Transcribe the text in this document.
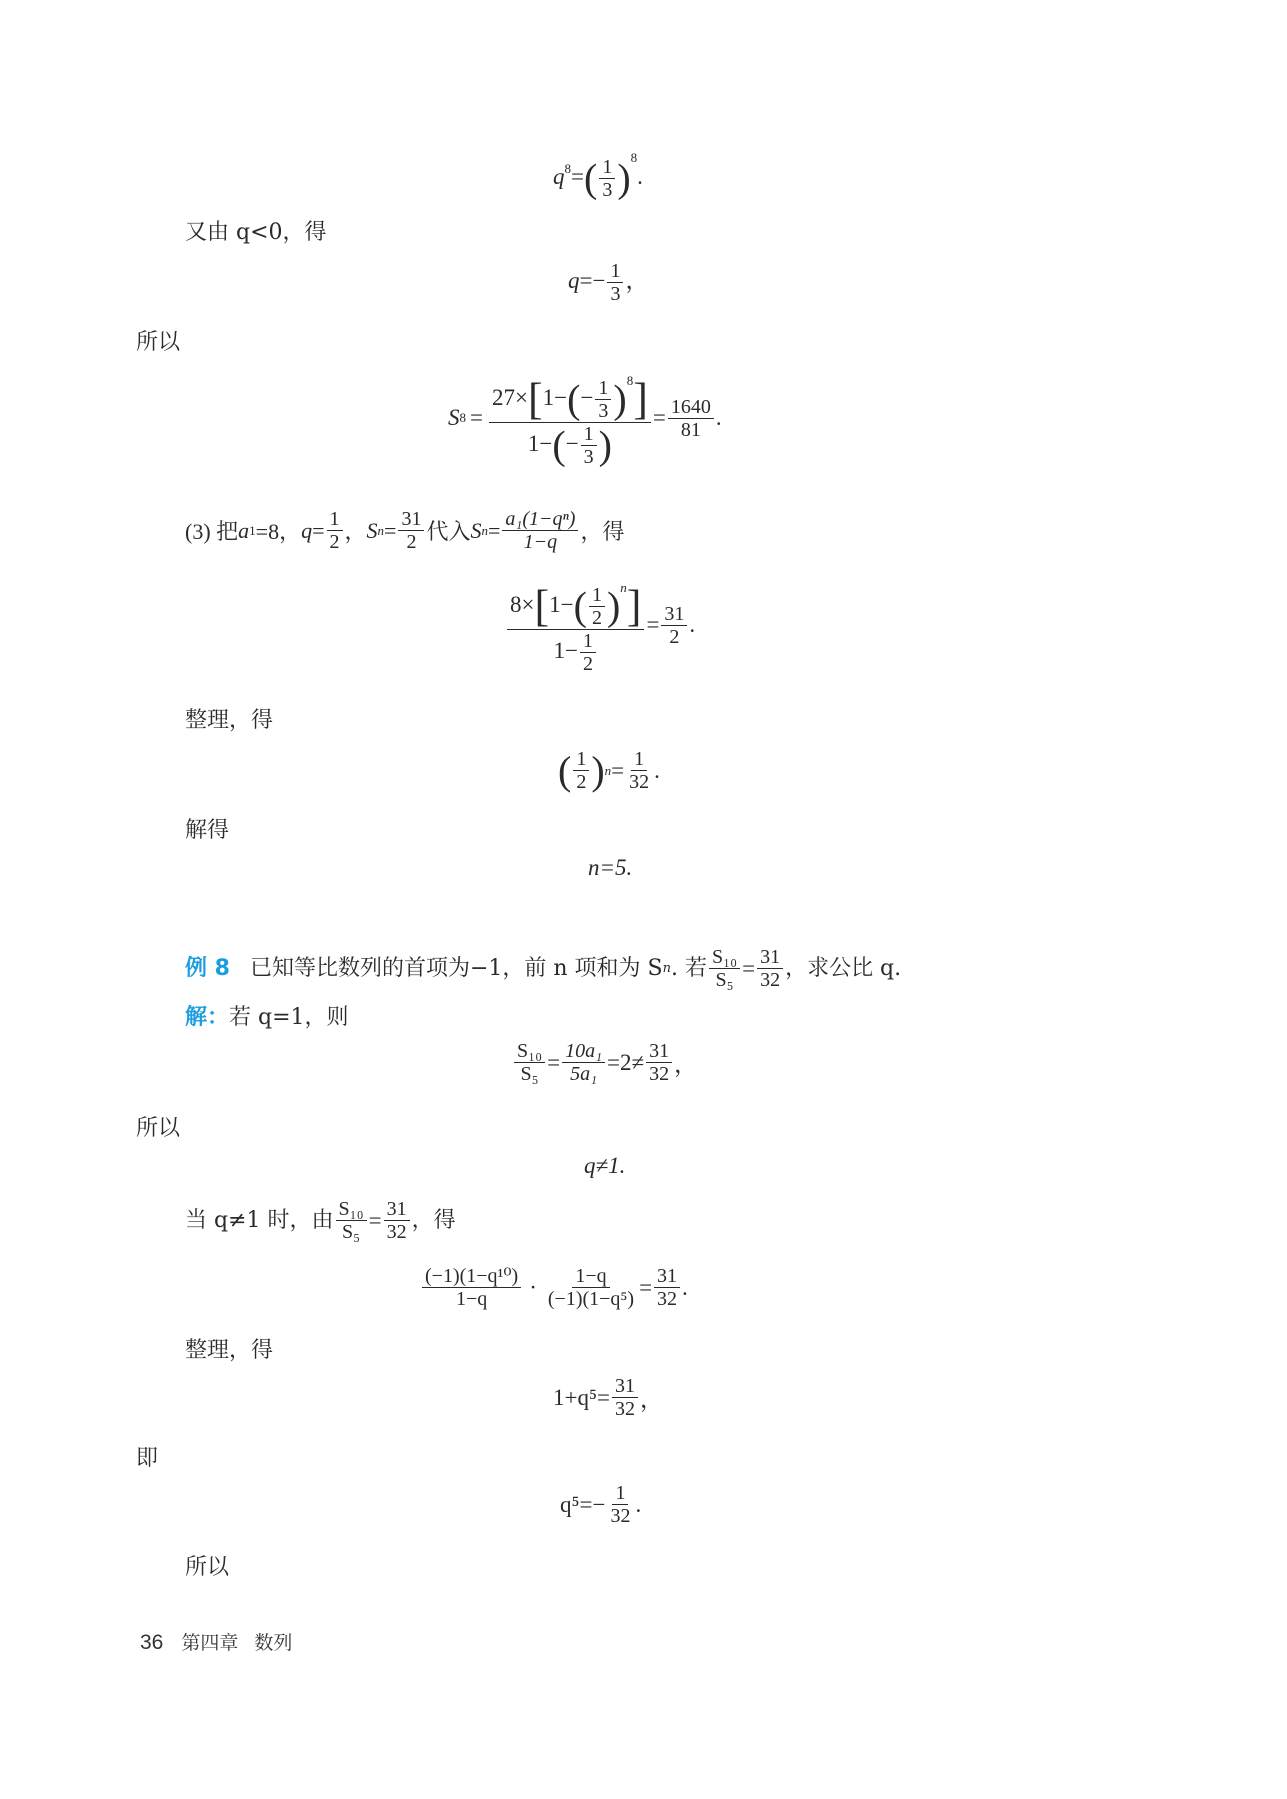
$q^8=( \frac{1}{3} )^8$.
又由 q<0，得
$q=- \frac{1}{3}$ ，
所以
S $8 = \frac{27\times[1-(- \frac{1}{3} )^8]}{1-(- \frac{1}{3} )} = \frac{1640}{81}$ .
(3) 把 a 1 =8， $q = \frac{1}{2}$ ， S $n = \frac{31}{2}$ 代入 S $n = \frac{\text{a₁(1−qⁿ)}}{1-q}$ ，得
$\frac{8\times[1-( \frac{1}{2} )^n]}{1- \frac{1}{2}} = \frac{31}{2}$ .
整理，得
( $\frac{1}{2}$ ) $n = \frac{1}{32}$ .
解得
n=5.
例 8 已知等比数列的首项为−1，前 n 项和为 S n . 若 $\frac{\text{S₁₀}}{\text{S₅}} = \frac{31}{32}$ ，求公比 q.
解：若 q=1，则
$\frac{\text{S₁₀}}{\text{S₅}} = \frac{\text{10a₁}}{\text{5a₁}} =2\ne \frac{31}{32}$ ，
所以
q≠1.
当 q≠1 时，由 $\frac{\text{S₁₀}}{\text{S₅}} = \frac{31}{32}$ ，得
$\frac{\text{(−1)(1−q¹⁰)}}{1-q} \cdot \frac{1-q}{\text{(−1)(1−q⁵)}} = \frac{31}{32}$ .
整理，得
$1+q^5= \frac{31}{32}$ ，
即
$q^5=- \frac{1}{32}$ .
所以
36 第四章 数列
